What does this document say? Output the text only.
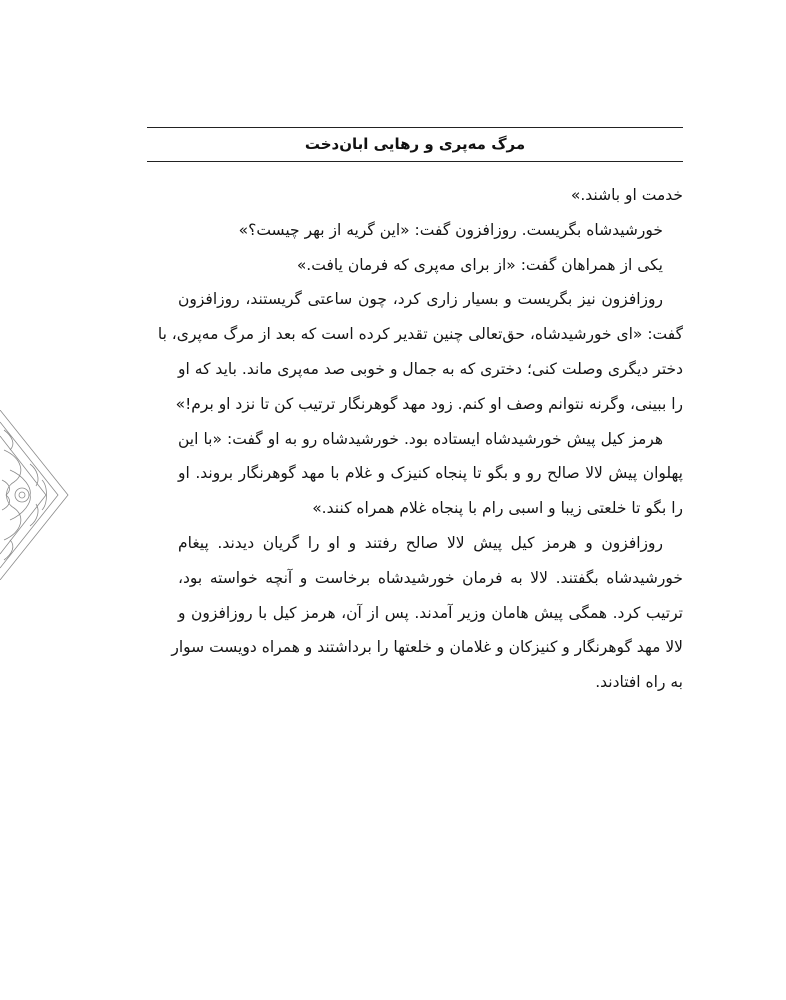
مرگ مه‌پری و رهایی ابان‌دخت
خدمت او باشند.»
خورشیدشاه بگریست. روزافزون گفت: «این گریه از بهر چیست؟»
یکی از همراهان گفت: «از برای مه‌پری که فرمان یافت.»
روزافزون نیز بگریست و بسیار زاری کرد، چون ساعتی گریستند، روزافزون
گفت: «ای خورشیدشاه، حق‌تعالی چنین تقدیر کرده است که بعد از مرگ مه‌پری، با
دختر دیگری وصلت کنی؛ دختری که به جمال و خوبی صد مه‌پری ماند. باید که او
را ببینی، وگرنه نتوانم وصف او کنم. زود مهد گوهرنگار ترتیب کن تا نزد او برم!»
هرمز کیل پیش خورشیدشاه ایستاده بود. خورشیدشاه رو به او گفت: «با این
پهلوان پیش لالا صالح رو و بگو تا پنجاه کنیزک و غلام با مهد گوهرنگار بروند. او
را بگو تا خلعتی زیبا و اسبی رام با پنجاه غلام همراه کنند.»
روزافزون و هرمز کیل پیش لالا صالح رفتند و او را گریان دیدند. پیغام
خورشیدشاه بگفتند. لالا به فرمان خورشیدشاه برخاست و آنچه خواسته بود،
ترتیب کرد. همگی پیش هامان وزیر آمدند. پس از آن، هرمز کیل با روزافزون و
لالا مهد گوهرنگار و کنیزکان و غلامان و خلعتها را برداشتند و همراه دویست سوار
به راه افتادند.
